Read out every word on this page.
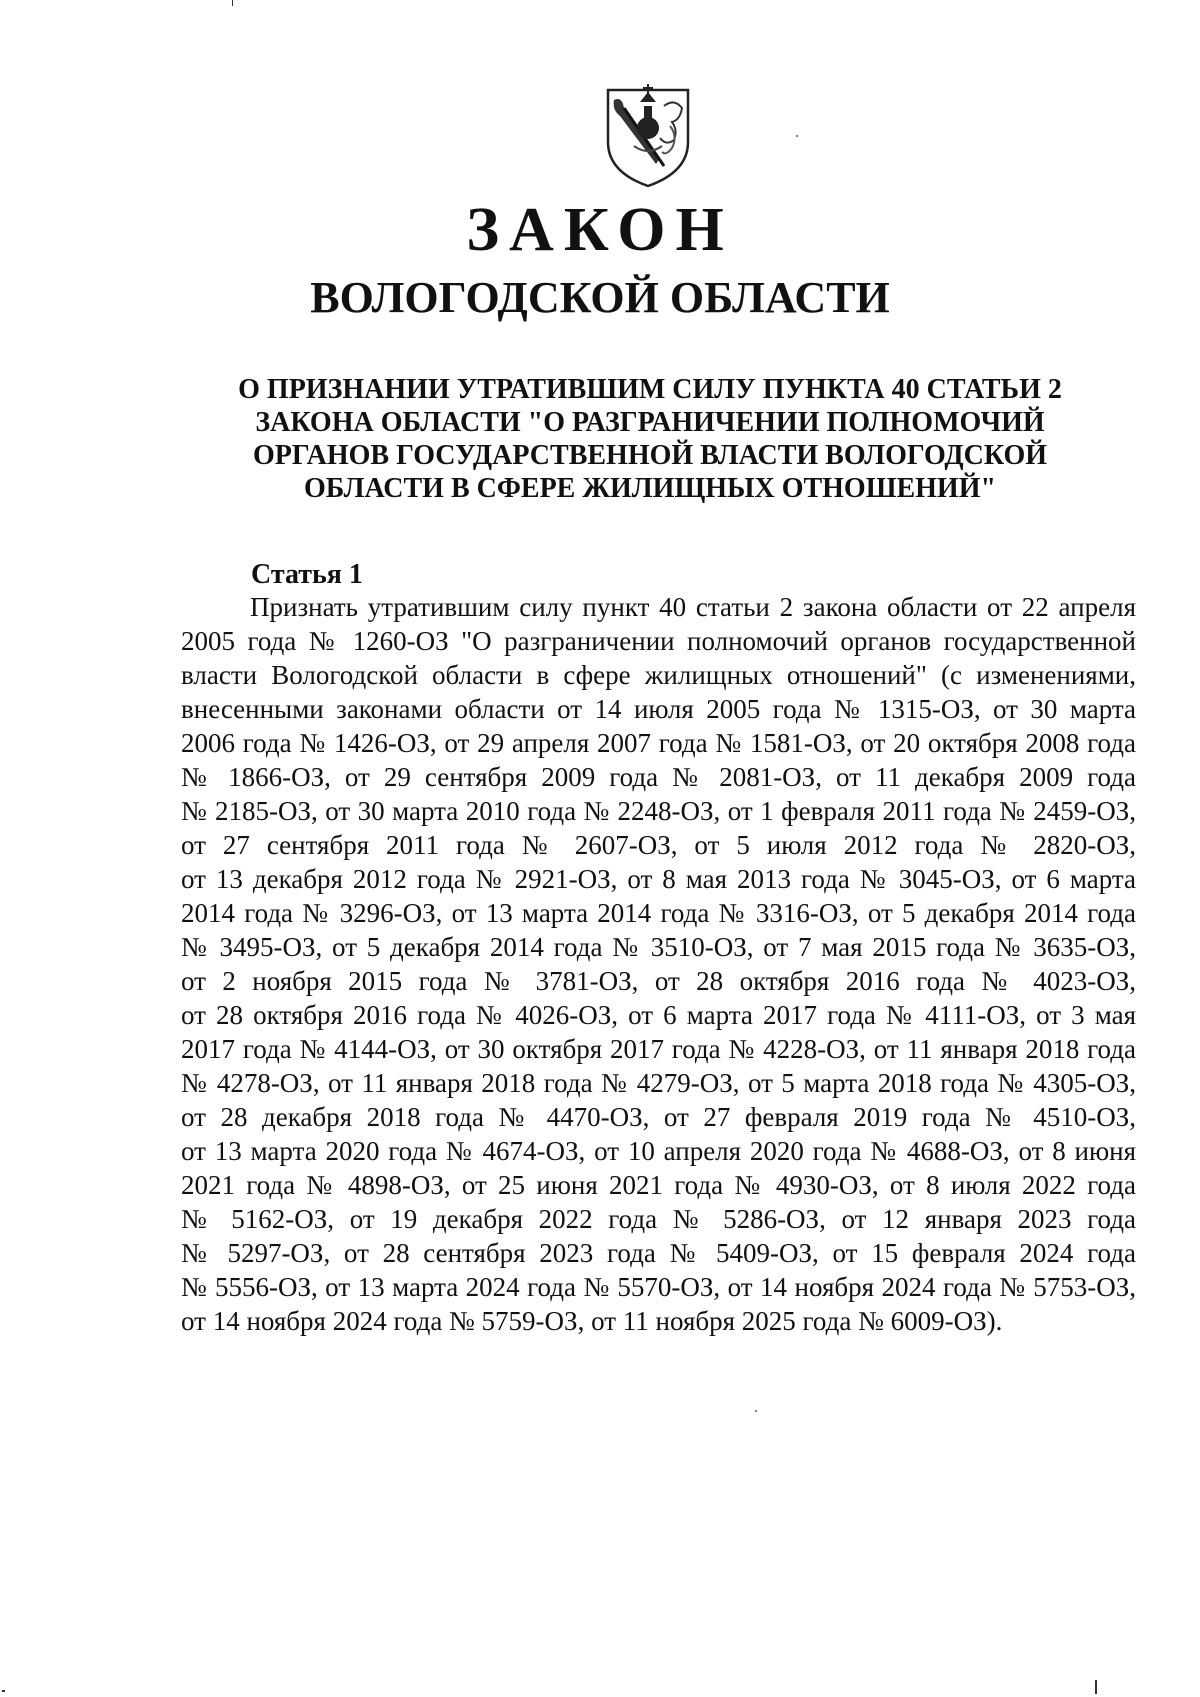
ЗАКОН
ВОЛОГОДСКОЙ ОБЛАСТИ
О ПРИЗНАНИИ УТРАТИВШИМ СИЛУ ПУНКТА 40 СТАТЬИ 2
ЗАКОНА ОБЛАСТИ "О РАЗГРАНИЧЕНИИ ПОЛНОМОЧИЙ
ОРГАНОВ ГОСУДАРСТВЕННОЙ ВЛАСТИ ВОЛОГОДСКОЙ
ОБЛАСТИ В СФЕРЕ ЖИЛИЩНЫХ ОТНОШЕНИЙ"
Статья 1
Признать утратившим силу пункт 40 статьи 2 закона области от 22 апреля
2005 года № 1260-ОЗ "О разграничении полномочий органов государственной
власти Вологодской области в сфере жилищных отношений" (с изменениями,
внесенными законами области от 14 июля 2005 года № 1315-ОЗ, от 30 марта
2006 года № 1426-ОЗ, от 29 апреля 2007 года № 1581-ОЗ, от 20 октября 2008 года
№ 1866-ОЗ, от 29 сентября 2009 года № 2081-ОЗ, от 11 декабря 2009 года
№ 2185-ОЗ, от 30 марта 2010 года № 2248-ОЗ, от 1 февраля 2011 года № 2459-ОЗ,
от 27 сентября 2011 года № 2607-ОЗ, от 5 июля 2012 года № 2820-ОЗ,
от 13 декабря 2012 года № 2921-ОЗ, от 8 мая 2013 года № 3045-ОЗ, от 6 марта
2014 года № 3296-ОЗ, от 13 марта 2014 года № 3316-ОЗ, от 5 декабря 2014 года
№ 3495-ОЗ, от 5 декабря 2014 года № 3510-ОЗ, от 7 мая 2015 года № 3635-ОЗ,
от 2 ноября 2015 года № 3781-ОЗ, от 28 октября 2016 года № 4023-ОЗ,
от 28 октября 2016 года № 4026-ОЗ, от 6 марта 2017 года № 4111-ОЗ, от 3 мая
2017 года № 4144-ОЗ, от 30 октября 2017 года № 4228-ОЗ, от 11 января 2018 года
№ 4278-ОЗ, от 11 января 2018 года № 4279-ОЗ, от 5 марта 2018 года № 4305-ОЗ,
от 28 декабря 2018 года № 4470-ОЗ, от 27 февраля 2019 года № 4510-ОЗ,
от 13 марта 2020 года № 4674-ОЗ, от 10 апреля 2020 года № 4688-ОЗ, от 8 июня
2021 года № 4898-ОЗ, от 25 июня 2021 года № 4930-ОЗ, от 8 июля 2022 года
№ 5162-ОЗ, от 19 декабря 2022 года № 5286-ОЗ, от 12 января 2023 года
№ 5297-ОЗ, от 28 сентября 2023 года № 5409-ОЗ, от 15 февраля 2024 года
№ 5556-ОЗ, от 13 марта 2024 года № 5570-ОЗ, от 14 ноября 2024 года № 5753-ОЗ,
от 14 ноября 2024 года № 5759-ОЗ, от 11 ноября 2025 года № 6009-ОЗ).
